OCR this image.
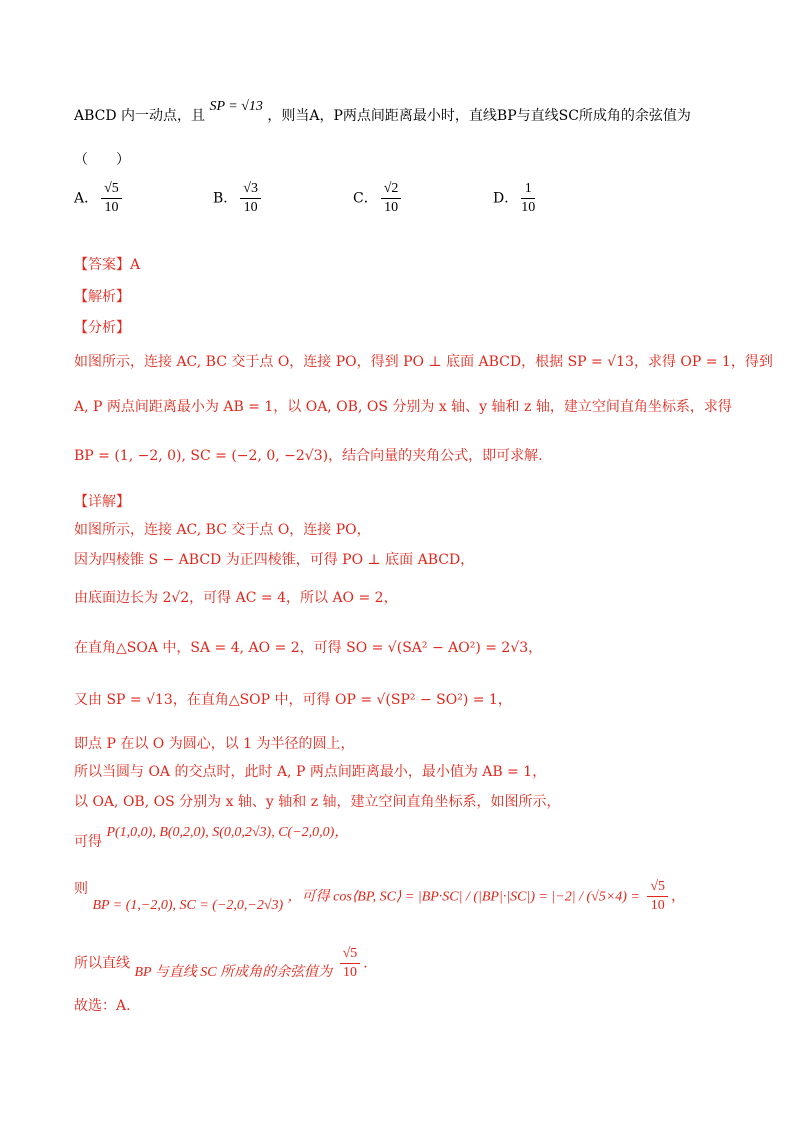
ABCD 内一动点，且 SP = √13 ，则当A，P两点间距离最小时，直线BP与直线SC所成角的余弦值为
（　　）
A． $\frac{√5}{10}$	B． $\frac{√3}{10}$	C． $\frac{√2}{10}$	D． $\frac{1}{10}$
【答案】A
【解析】
【分析】
如图所示，连接 AC, BC 交于点 O，连接 PO，得到 PO ⊥ 底面 ABCD，根据 SP = √13，求得 OP = 1，得到
A, P 两点间距离最小为 AB = 1，以 OA, OB, OS 分别为 x 轴、y 轴和 z 轴，建立空间直角坐标系，求得
BP = (1, −2, 0), SC = (−2, 0, −2√3)，结合向量的夹角公式，即可求解.
【详解】
如图所示，连接 AC, BC 交于点 O，连接 PO，
因为四棱锥 S − ABCD 为正四棱锥，可得 PO ⊥ 底面 ABCD，
由底面边长为 2√2，可得 AC = 4，所以 AO = 2，
在直角△SOA 中，SA = 4, AO = 2，可得 SO = √(SA² − AO²) = 2√3，
又由 SP = √13，在直角△SOP 中，可得 OP = √(SP² − SO²) = 1，
即点 P 在以 O 为圆心，以 1 为半径的圆上，
所以当圆与 OA 的交点时，此时 A, P 两点间距离最小，最小值为 AB = 1，
以 OA, OB, OS 分别为 x 轴、y 轴和 z 轴，建立空间直角坐标系，如图所示，
可得 P(1,0,0), B(0,2,0), S(0,0,2√3), C(−2,0,0)，
则 BP = (1,−2,0), SC = (−2,0,−2√3) ，可得 cos⟨BP, SC⟩ = $|BP\cdot SC| / (|BP|\cdot|SC|) = |-2| / (√5\times 4) = \frac{√5}{10}$ ，
所以直线 BP 与直线 SC 所成角的余弦值为 $\frac{√5}{10}$ .
故选：A.
